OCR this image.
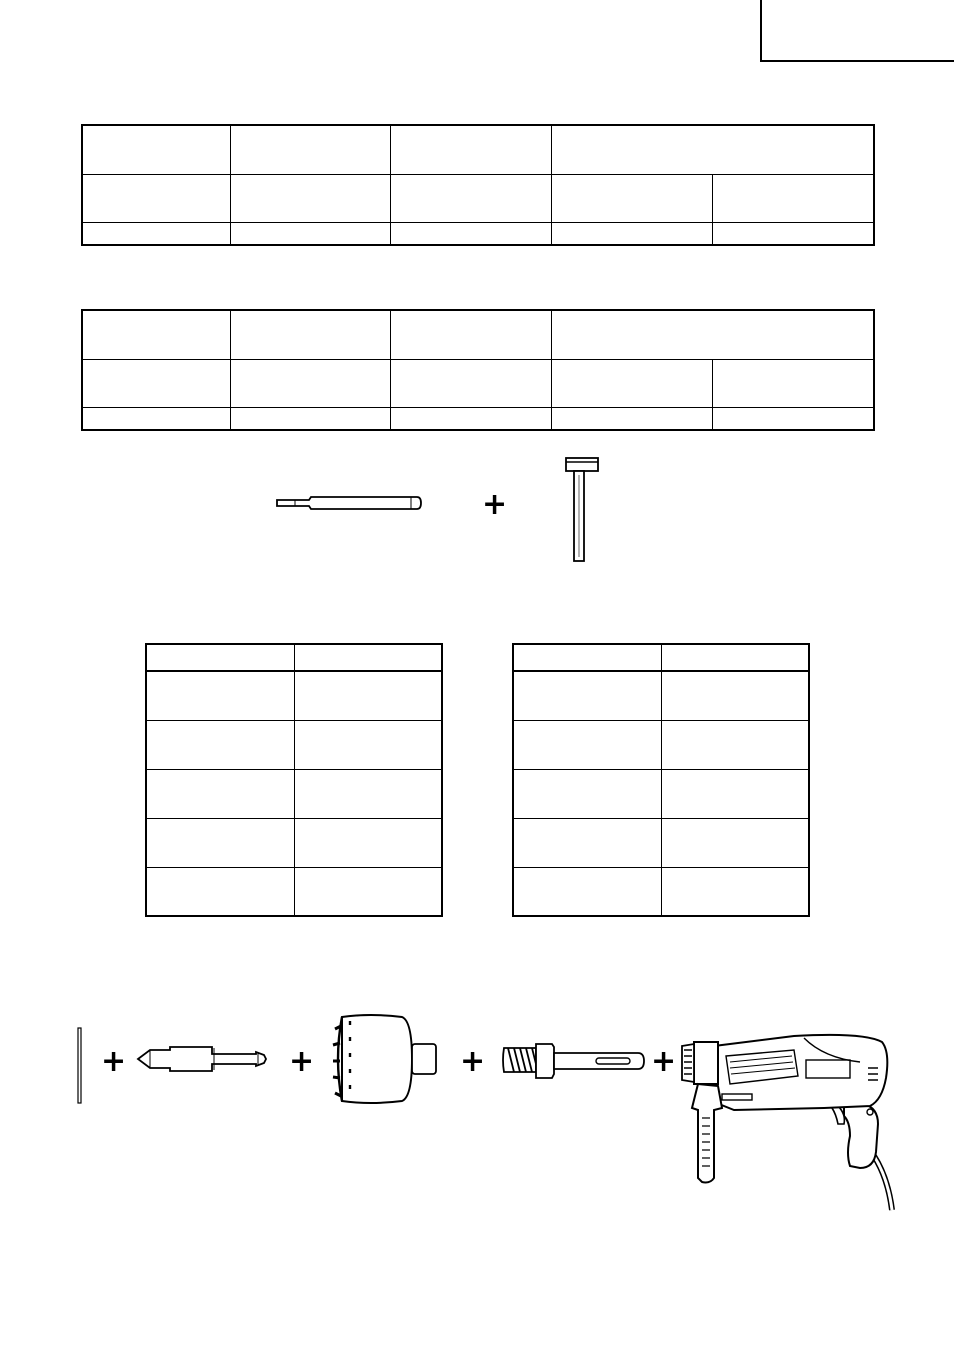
+

+	+	+	+
